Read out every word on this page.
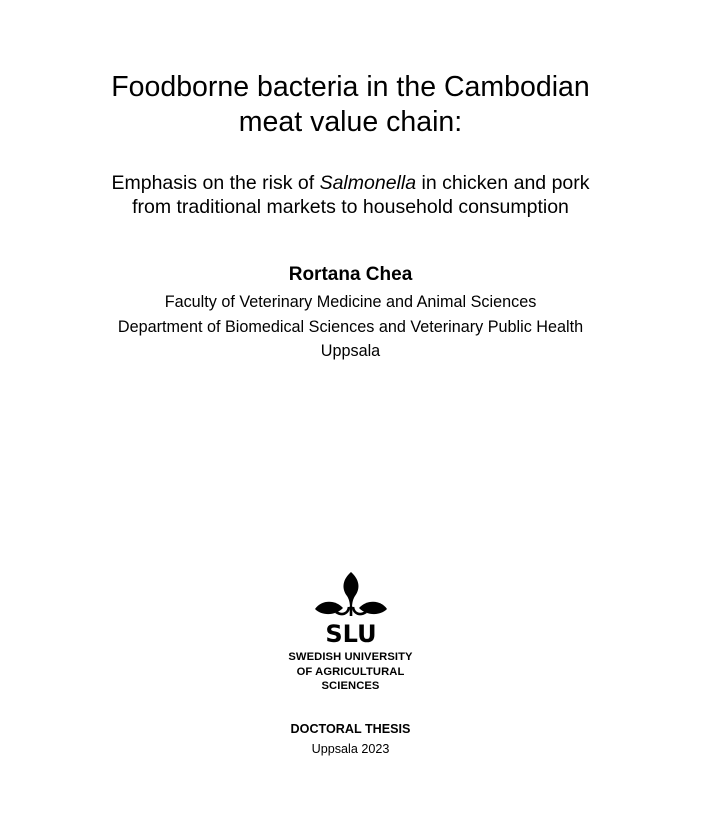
Foodborne bacteria in the Cambodian
meat value chain:
Emphasis on the risk of Salmonella in chicken and pork
from traditional markets to household consumption
Rortana Chea
Faculty of Veterinary Medicine and Animal Sciences
Department of Biomedical Sciences and Veterinary Public Health
Uppsala
SLU
SWEDISH UNIVERSITY
OF AGRICULTURAL
SCIENCES
DOCTORAL THESIS
Uppsala 2023
